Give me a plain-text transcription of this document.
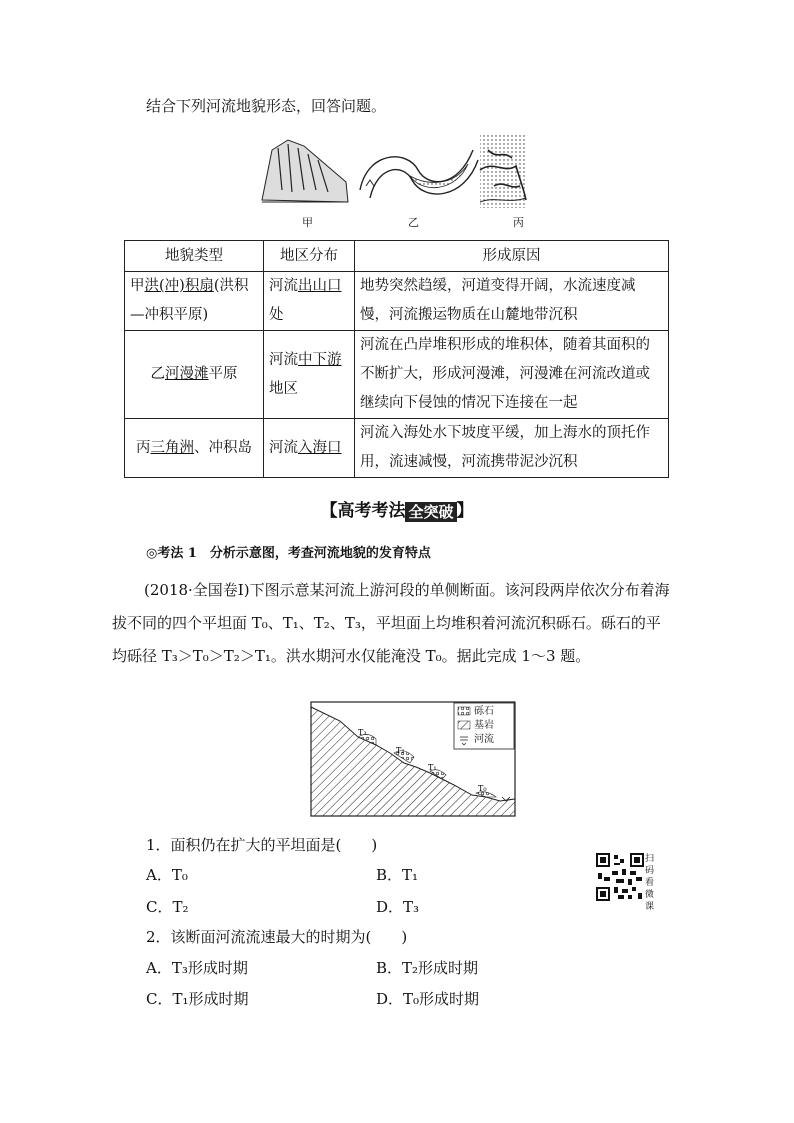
结合下列河流地貌形态，回答问题。
甲	乙	丙
地貌类型	地区分布	形成原因
甲洪(冲)积扇(洪积—冲积平原)	河流出山口处	地势突然趋缓，河道变得开阔，水流速度减慢，河流搬运物质在山麓地带沉积
乙河漫滩平原	河流中下游地区	河流在凸岸堆积形成的堆积体，随着其面积的不断扩大，形成河漫滩，河漫滩在河流改道或继续向下侵蚀的情况下连接在一起
丙三角洲、冲积岛	河流入海口	河流入海处水下坡度平缓，加上海水的顶托作用，流速减慢，河流携带泥沙沉积
【高考考法 全突破 】
◎考法 1　分析示意图，考查河流地貌的发育特点
(2018·全国卷Ⅰ)下图示意某河流上游河段的单侧断面。该河段两岸依次分布着海拔不同的四个平坦面 T₀、T₁、T₂、T₃，平坦面上均堆积着河流沉积砾石。砾石的平均砾径 T₃＞T₀＞T₂＞T₁。洪水期河水仅能淹没 T₀。据此完成 1～3 题。
T₃
T₂
T₁
T₀
砾石
基岩
河流
1．面积仍在扩大的平坦面是(　　)
A．T₀	B．T₁
C．T₂	D．T₃
2．该断面河流流速最大的时期为(　　)
A．T₃形成时期	B．T₂形成时期
C．T₁形成时期	D．T₀形成时期
扫码看微课
